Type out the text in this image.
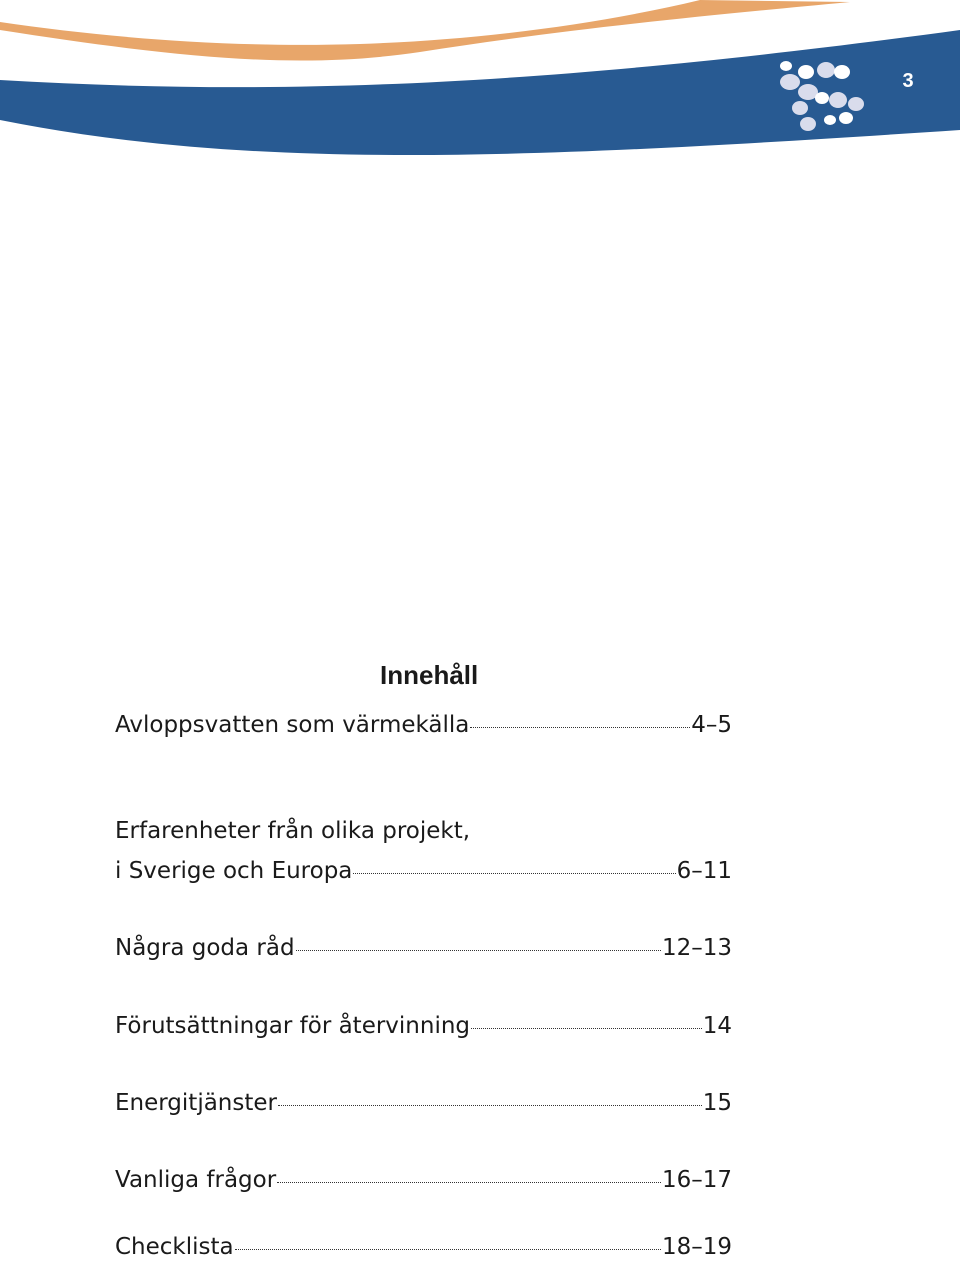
3
Innehåll
Avloppsvatten som värmekälla	4–5
Erfarenheter från olika projekt,
i Sverige och Europa	6–11
Några goda råd	12–13
Förutsättningar för återvinning	14
Energitjänster	15
Vanliga frågor	16–17
Checklista	18–19
